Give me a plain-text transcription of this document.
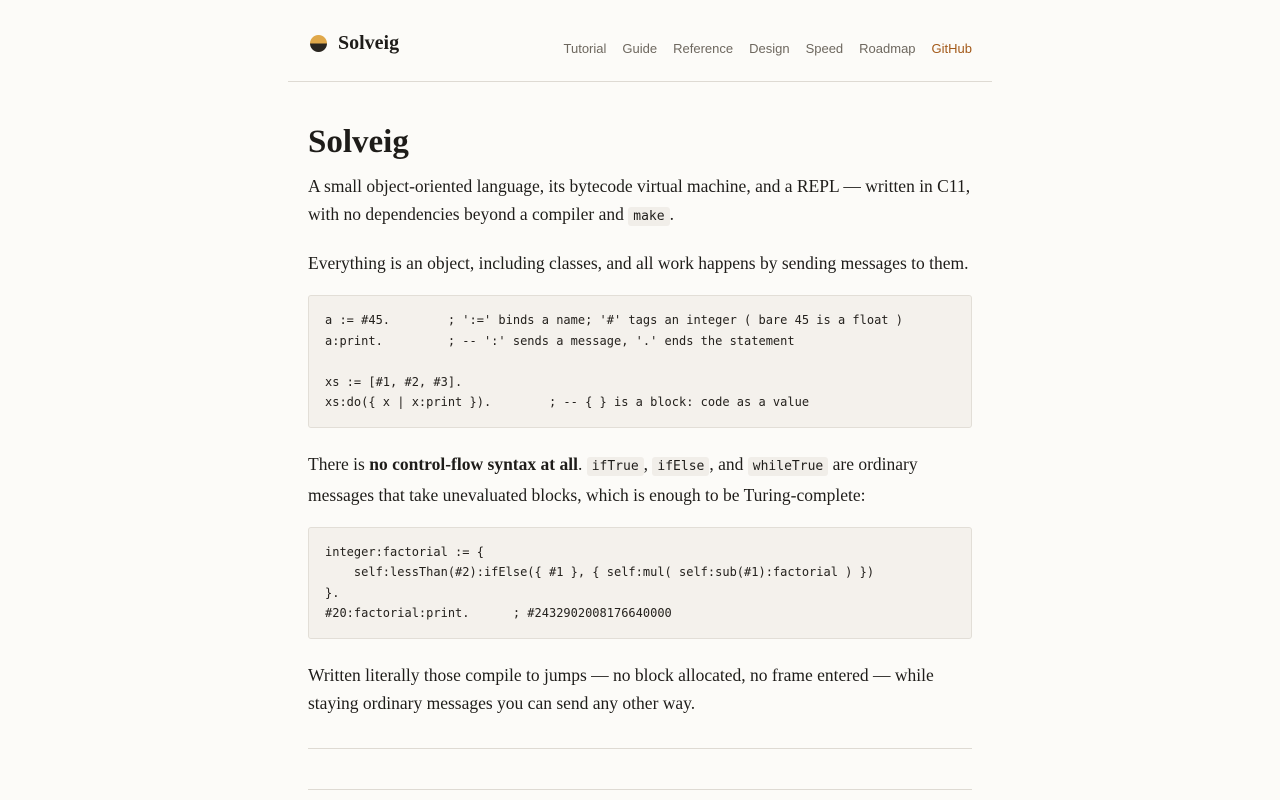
Solveig	Tutorial Guide Reference Design Speed Roadmap GitHub
Solveig

A small object-oriented language, its bytecode virtual machine, and a REPL — written in C11, with no dependencies beyond a compiler and make .

Everything is an object, including classes, and all work happens by sending messages to them.

a := #45.        ; ':=' binds a name; '#' tags an integer ( bare 45 is a float )
a:print.         ; -- ':' sends a message, '.' ends the statement

xs := [#1, #2, #3].
xs:do({ x | x:print }).        ; -- { } is a block: code as a value

There is no control-flow syntax at all. ifTrue , ifElse , and whileTrue are ordinary messages that take unevaluated blocks, which is enough to be Turing-complete:

integer:factorial := {
self:lessThan(#2):ifElse({ #1 }, { self:mul( self:sub(#1):factorial ) })
}.
#20:factorial:print.      ; #2432902008176640000

Written literally those compile to jumps — no block allocated, no frame entered — while staying ordinary messages you can send any other way.
